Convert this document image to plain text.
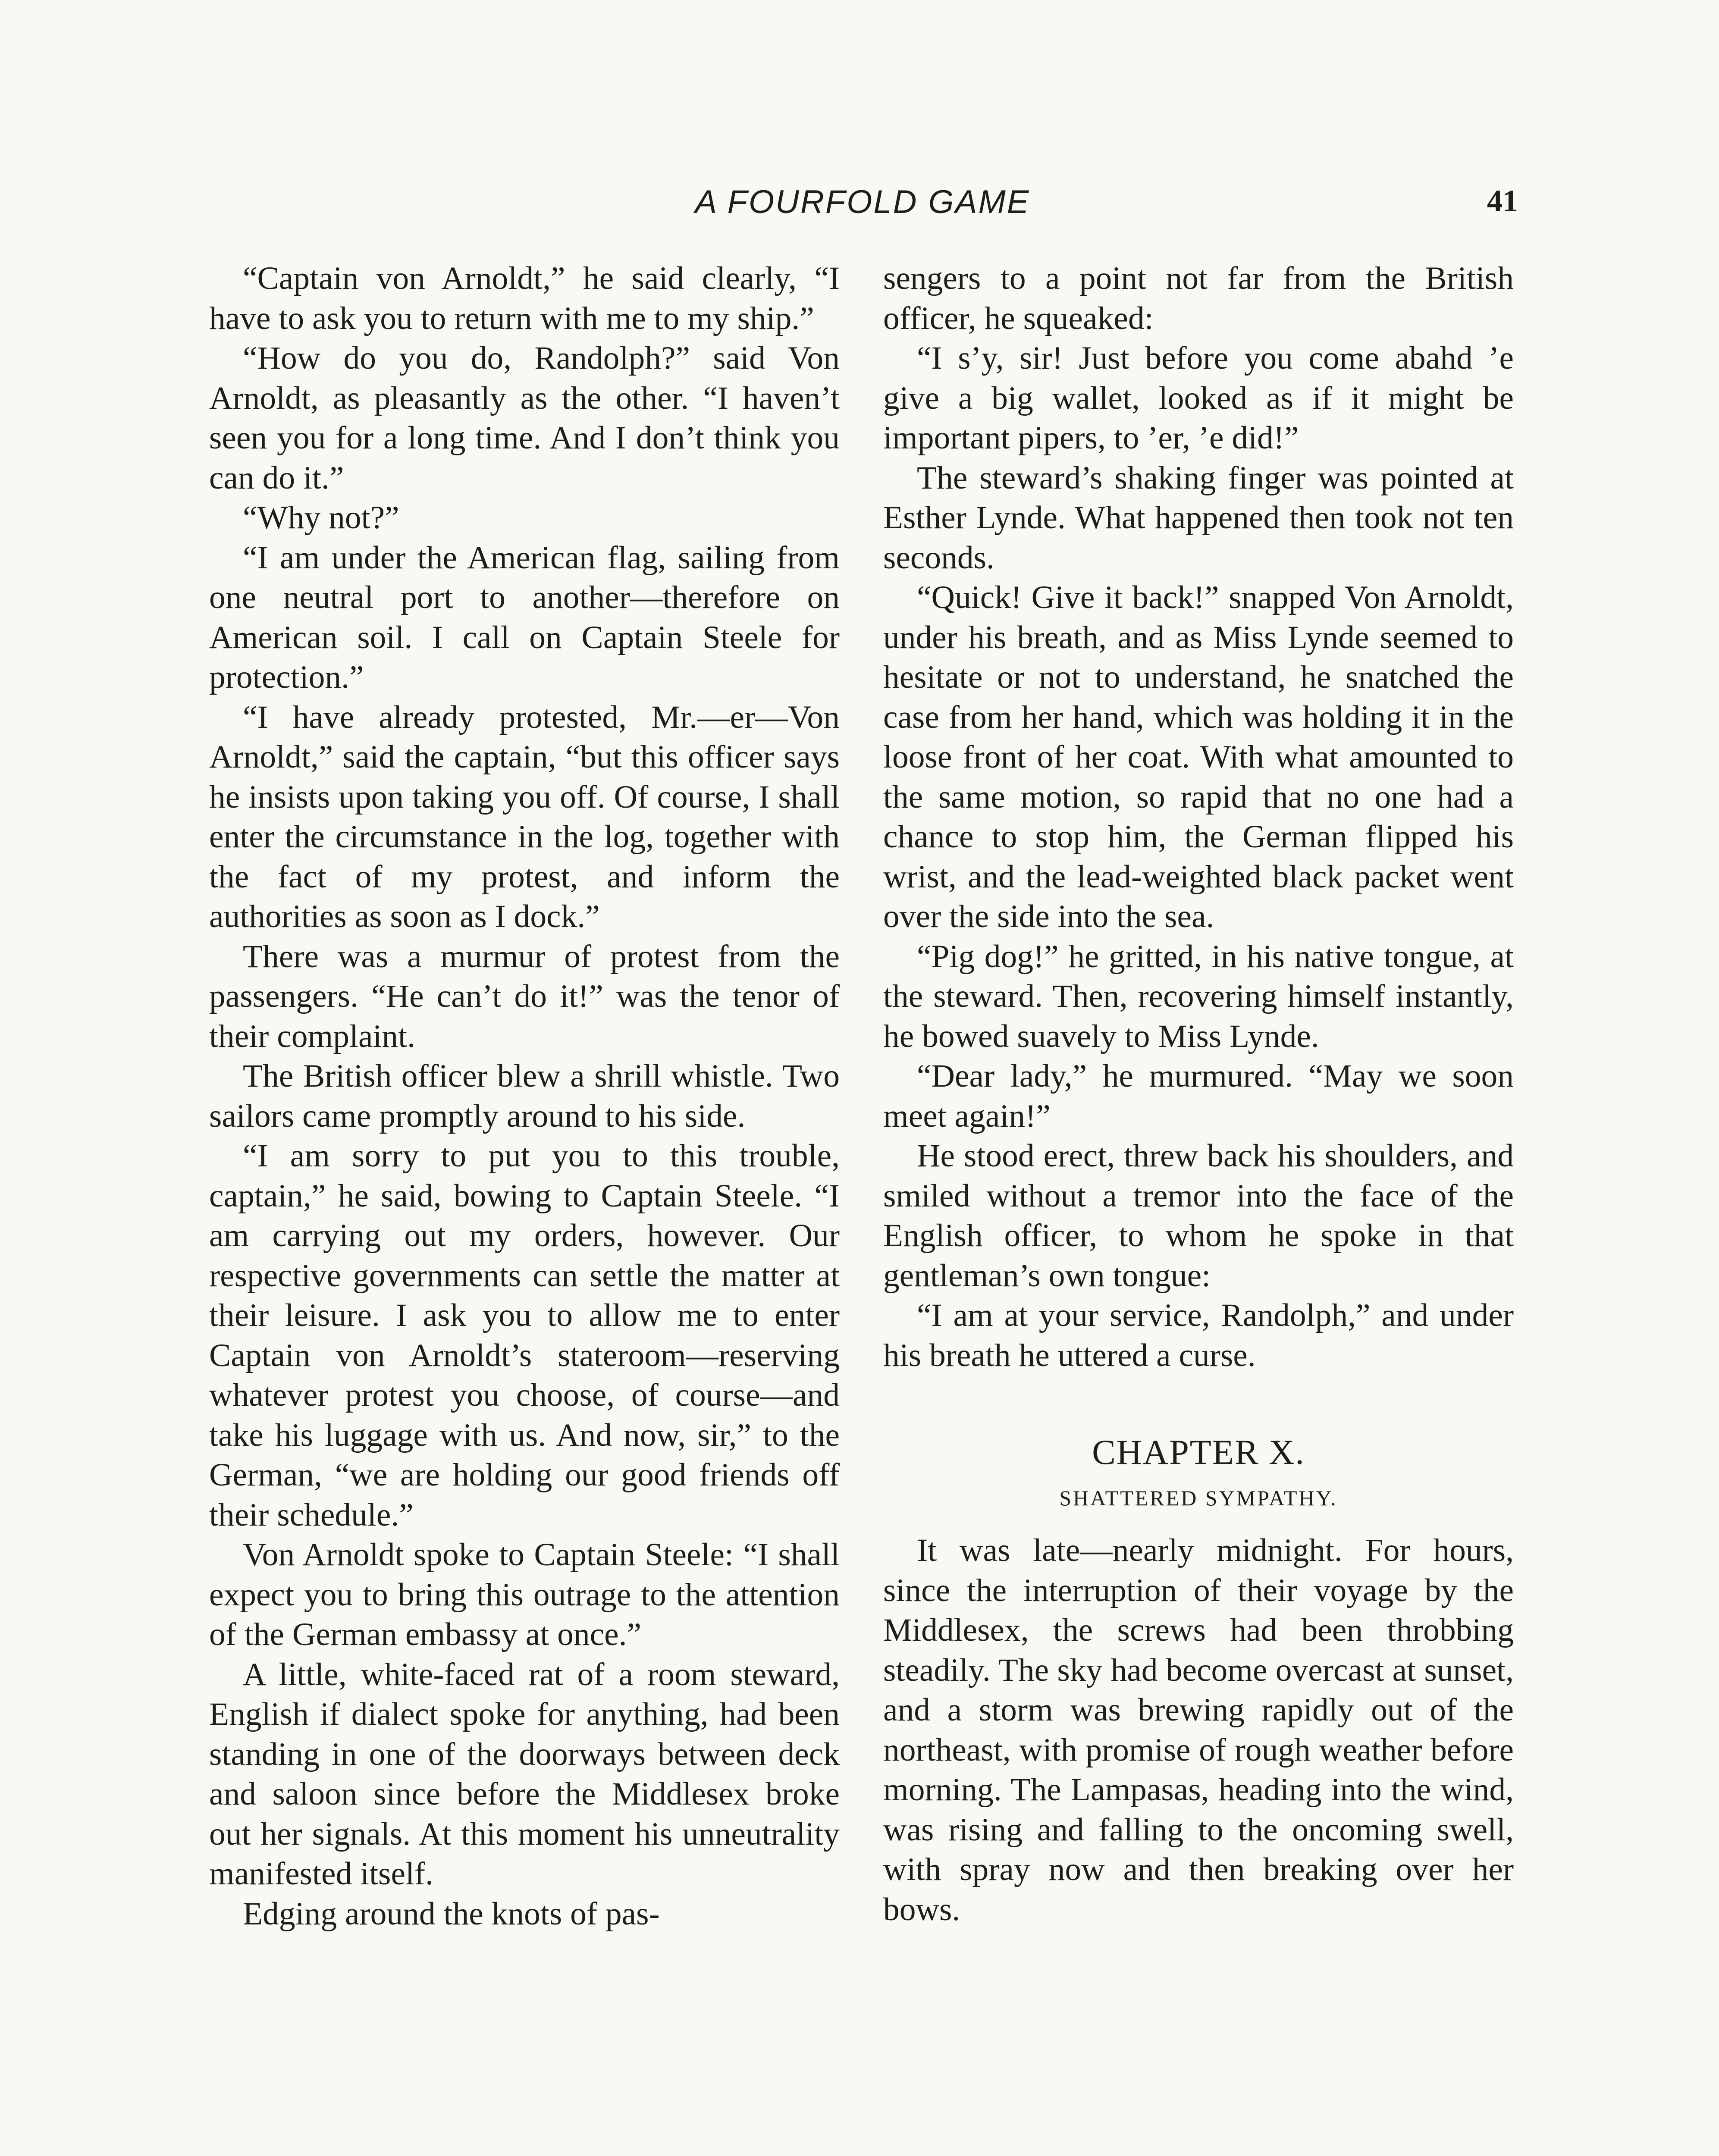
A FOURFOLD GAME	41

“Captain von Arnoldt,” he said clearly, “I have to ask you to return with me to my ship.”

“How do you do, Randolph?” said Von Arnoldt, as pleasantly as the other. “I haven’t seen you for a long time. And I don’t think you can do it.”

“Why not?”

“I am under the American flag, sailing from one neutral port to another—therefore on American soil. I call on Captain Steele for protection.”

“I have already protested, Mr.—er—Von Arnoldt,” said the captain, “but this officer says he insists upon taking you off. Of course, I shall enter the circumstance in the log, together with the fact of my protest, and inform the authorities as soon as I dock.”

There was a murmur of protest from the passengers. “He can’t do it!” was the tenor of their complaint.

The British officer blew a shrill whistle. Two sailors came promptly around to his side.

“I am sorry to put you to this trouble, captain,” he said, bowing to Captain Steele. “I am carrying out my orders, however. Our respective governments can settle the matter at their leisure. I ask you to allow me to enter Captain von Arnoldt’s stateroom—reserving whatever protest you choose, of course—and take his luggage with us. And now, sir,” to the German, “we are holding our good friends off their schedule.”

Von Arnoldt spoke to Captain Steele: “I shall expect you to bring this outrage to the attention of the German embassy at once.”

A little, white-faced rat of a room steward, English if dialect spoke for anything, had been standing in one of the doorways between deck and saloon since before the Middlesex broke out her signals. At this moment his unneutrality manifested itself.

Edging around the knots of pas-

sengers to a point not far from the British officer, he squeaked:

“I s’y, sir! Just before you come abahd ’e give a big wallet, looked as if it might be important pipers, to ’er, ’e did!”

The steward’s shaking finger was pointed at Esther Lynde. What happened then took not ten seconds.

“Quick! Give it back!” snapped Von Arnoldt, under his breath, and as Miss Lynde seemed to hesitate or not to understand, he snatched the case from her hand, which was holding it in the loose front of her coat. With what amounted to the same motion, so rapid that no one had a chance to stop him, the German flipped his wrist, and the lead-weighted black packet went over the side into the sea.

“Pig dog!” he gritted, in his native tongue, at the steward. Then, recovering himself instantly, he bowed suavely to Miss Lynde.

“Dear lady,” he murmured. “May we soon meet again!”

He stood erect, threw back his shoulders, and smiled without a tremor into the face of the English officer, to whom he spoke in that gentleman’s own tongue:

“I am at your service, Randolph,” and under his breath he uttered a curse.

CHAPTER X.
SHATTERED SYMPATHY.

It was late—nearly midnight. For hours, since the interruption of their voyage by the Middlesex, the screws had been throbbing steadily. The sky had become overcast at sunset, and a storm was brewing rapidly out of the northeast, with promise of rough weather before morning. The Lampasas, heading into the wind, was rising and falling to the oncoming swell, with spray now and then breaking over her bows.
